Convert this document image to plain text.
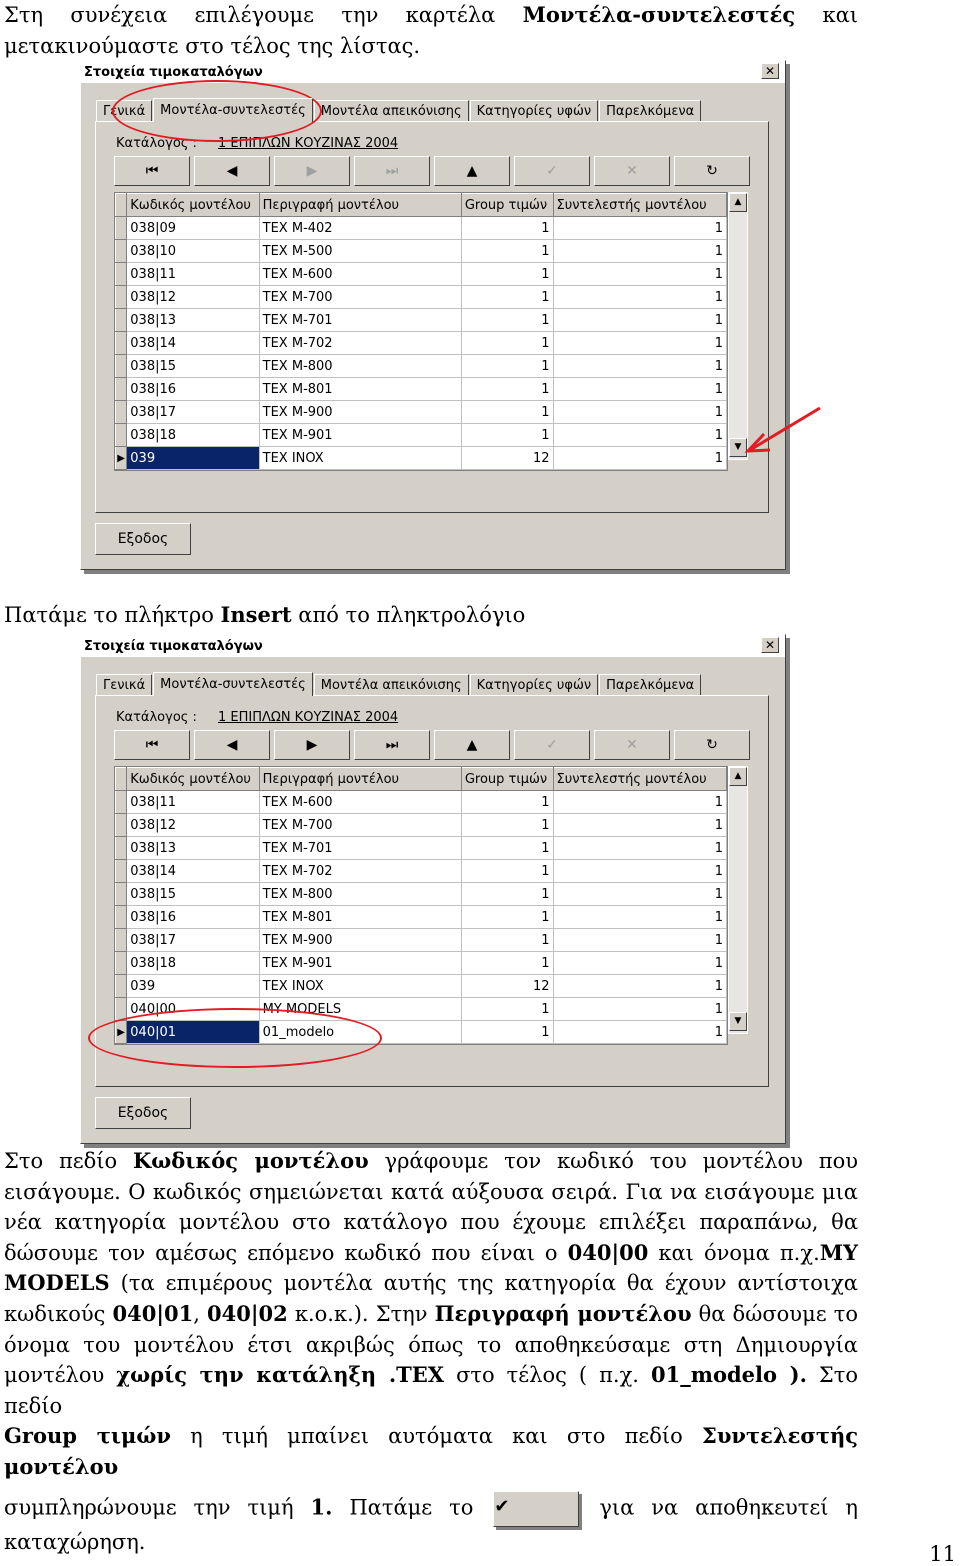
Στη συνέχεια επιλέγουμε την καρτέλα Μοντέλα-συντελεστές και
μετακινούμαστε στο τέλος της λίστας.
Στοιχεία τιμοκαταλόγων	✕
Γενικά	Μοντέλα-συντελεστές	Μοντέλα απεικόνισης	Κατηγορίες υφών	Παρελκόμενα
Κατάλογος : 1 ΕΠΙΠΛΩΝ ΚΟΥΖΙΝΑΣ 2004
⏮	◀	▶	⏭	▲	✓	✕	↻
	Κωδικός μοντέλου	Περιγραφή μοντέλου	Group τιμών	Συντελεστής μοντέλου
	038|09	TEX M-402	1	1
	038|10	TEX M-500	1	1
	038|11	TEX M-600	1	1
	038|12	TEX M-700	1	1
	038|13	TEX M-701	1	1
	038|14	TEX M-702	1	1
	038|15	TEX M-800	1	1
	038|16	TEX M-801	1	1
	038|17	TEX M-900	1	1
	038|18	TEX M-901	1	1
▶	039	TEX INOX	12	1
▲
▼
Εξοδος
Πατάμε το πλήκτρο Insert από το πληκτρολόγιο
Στοιχεία τιμοκαταλόγων	✕
Γενικά	Μοντέλα-συντελεστές	Μοντέλα απεικόνισης	Κατηγορίες υφών	Παρελκόμενα
Κατάλογος : 1 ΕΠΙΠΛΩΝ ΚΟΥΖΙΝΑΣ 2004
⏮	◀	▶	⏭	▲	✓	✕	↻
	Κωδικός μοντέλου	Περιγραφή μοντέλου	Group τιμών	Συντελεστής μοντέλου
	038|11	TEX M-600	1	1
	038|12	TEX M-700	1	1
	038|13	TEX M-701	1	1
	038|14	TEX M-702	1	1
	038|15	TEX M-800	1	1
	038|16	TEX M-801	1	1
	038|17	TEX M-900	1	1
	038|18	TEX M-901	1	1
	039	TEX INOX	12	1
	040|00	MY MODELS	1	1
▶	040|01	01_modelo	1	1
▲
▼
Εξοδος
Στο πεδίο Κωδικός μοντέλου γράφουμε τον κωδικό του μοντέλου που
εισάγουμε. Ο κωδικός σημειώνεται κατά αύξουσα σειρά. Για να εισάγουμε μια
νέα κατηγορία μοντέλου στο κατάλογο που έχουμε επιλέξει παραπάνω, θα
δώσουμε τον αμέσως επόμενο κωδικό που είναι ο 040|00 και όνομα π.χ.MY
MODELS (τα επιμέρους μοντέλα αυτής της κατηγορία θα έχουν αντίστοιχα
κωδικούς 040|01, 040|02 κ.ο.κ.). Στην Περιγραφή μοντέλου θα δώσουμε το
όνομα του μοντέλου έτσι ακριβώς όπως το αποθηκεύσαμε στη Δημιουργία
μοντέλου χωρίς την κατάληξη .TEX στο τέλος ( π.χ. 01_modelo ). Στο πεδίο
Group τιμών η τιμή μπαίνει αυτόματα και στο πεδίο Συντελεστής μοντέλου
συμπληρώνουμε την τιμή 1. Πατάμε το ✔	για να αποθηκευτεί η
καταχώρηση.
11
